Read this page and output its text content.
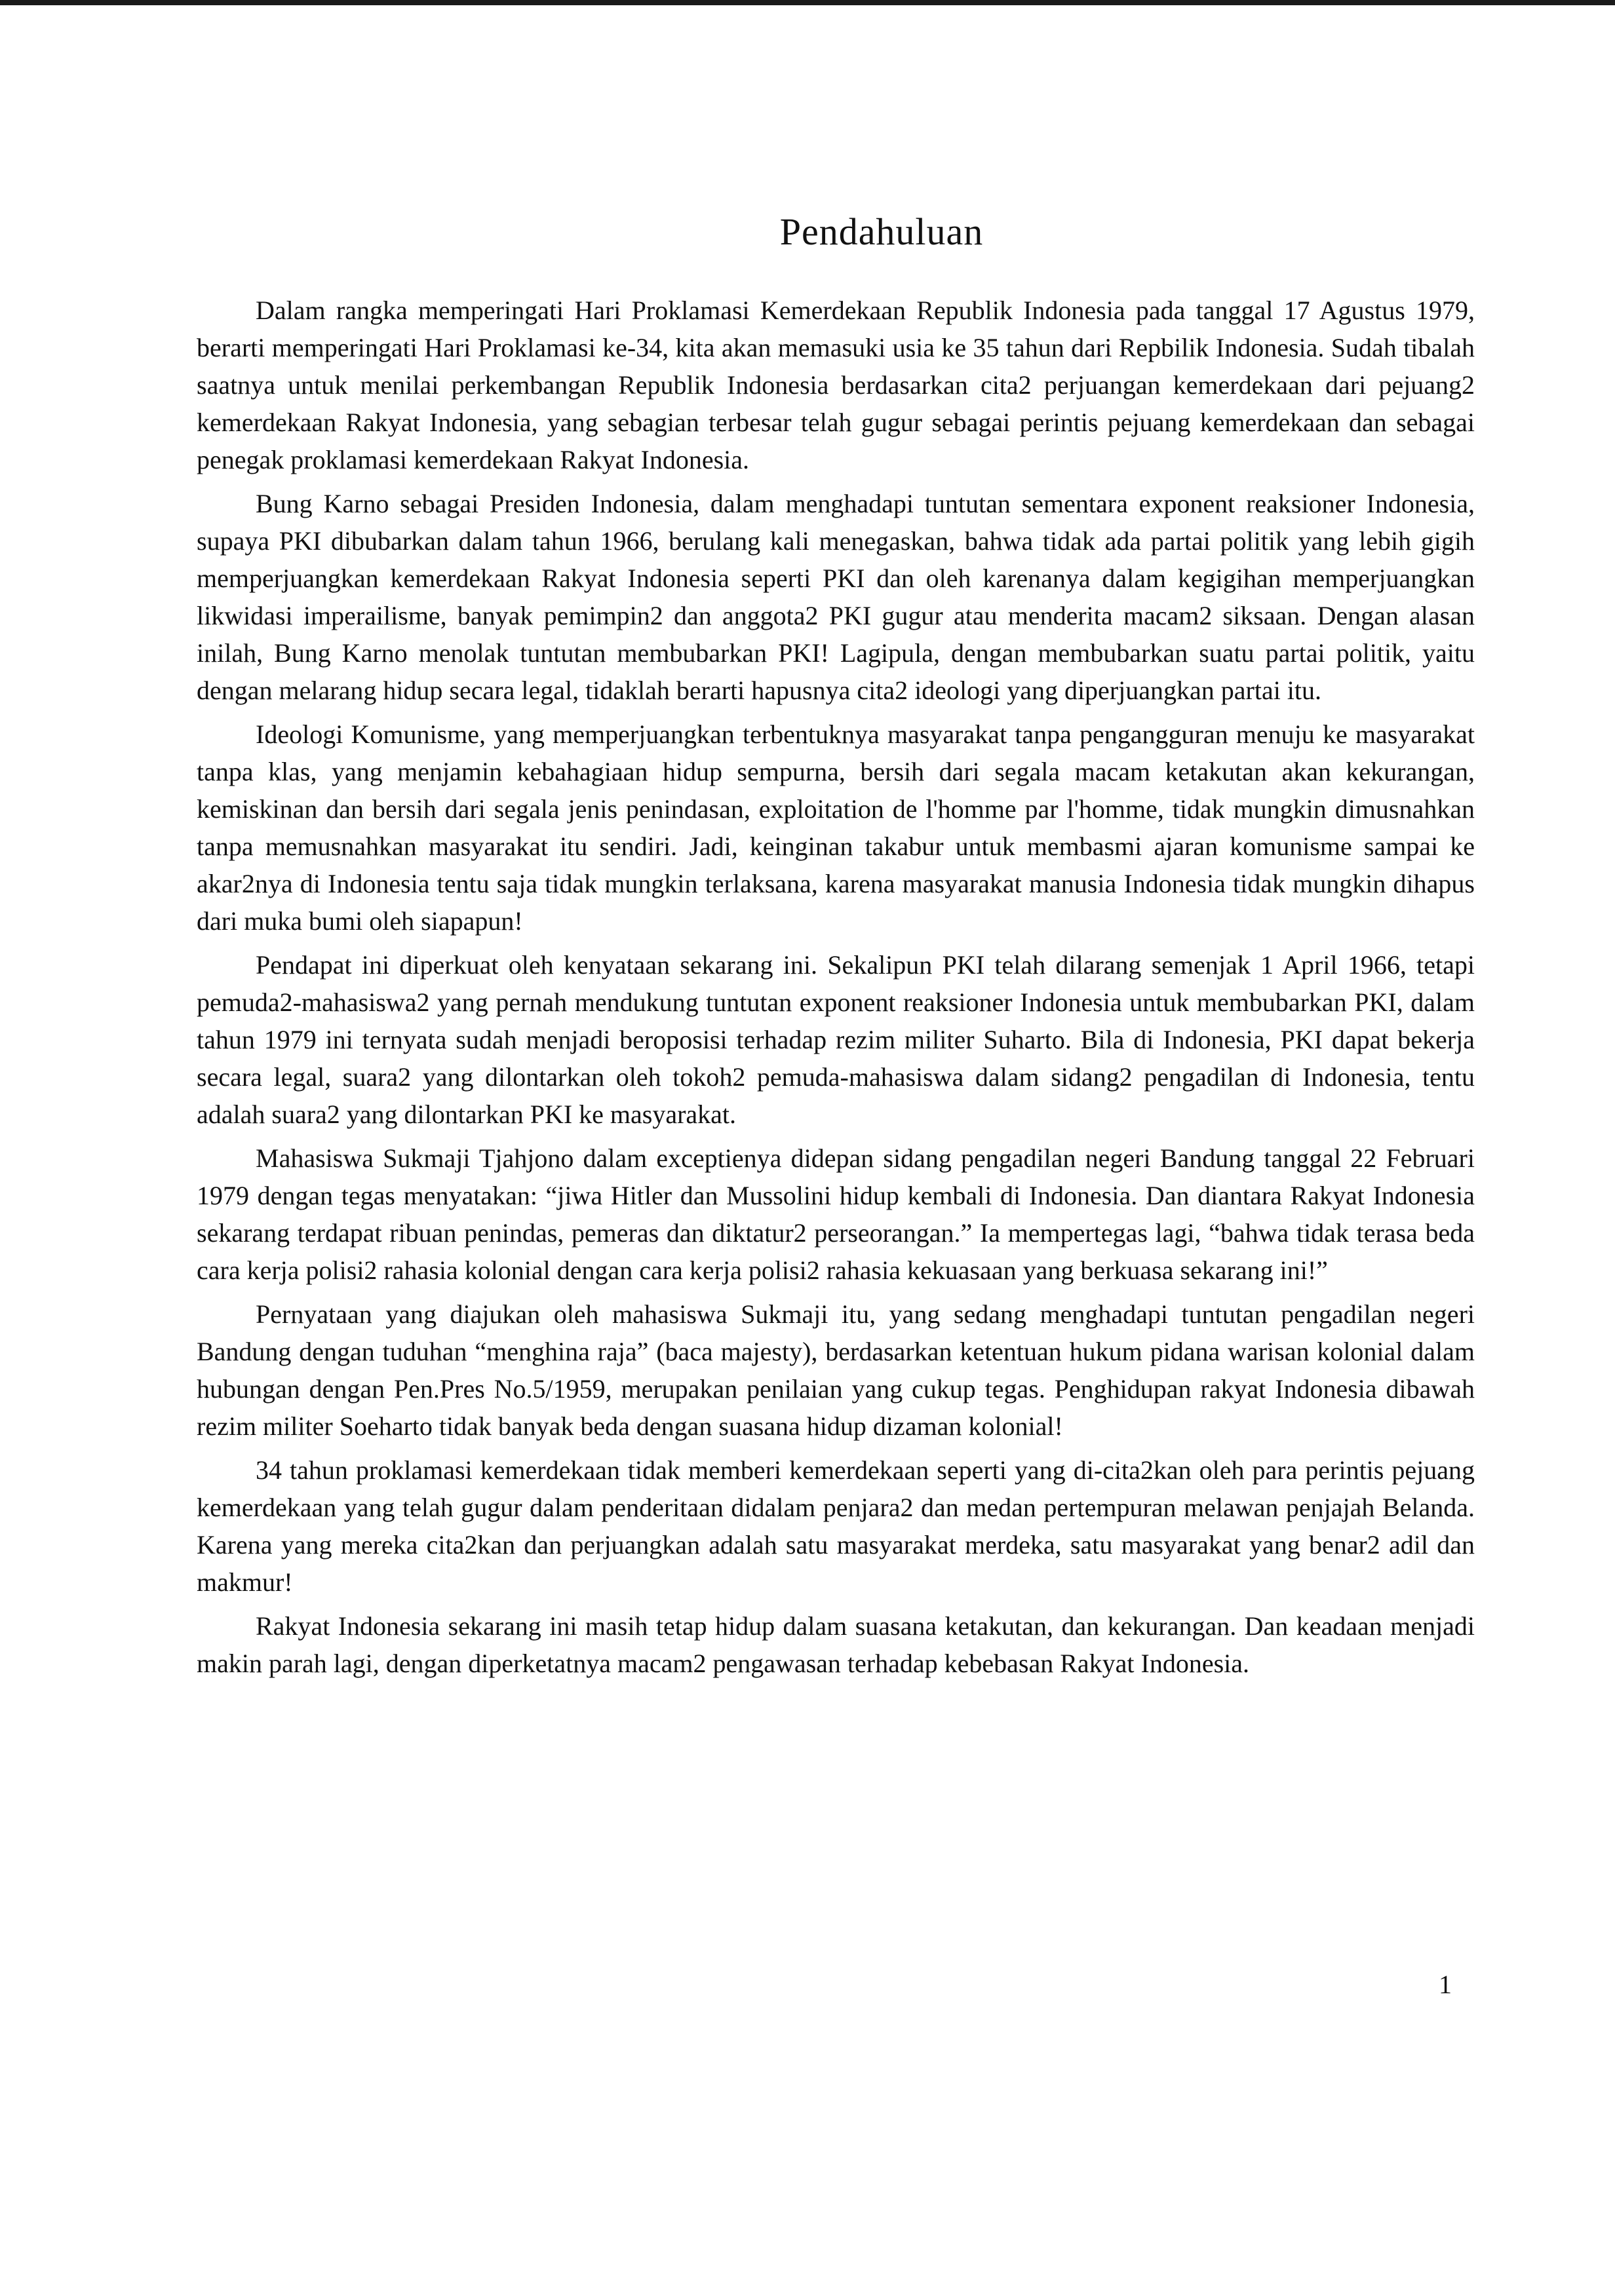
Pendahuluan

Dalam rangka memperingati Hari Proklamasi Kemerdekaan Republik Indonesia pada tanggal 17 Agustus 1979, berarti memperingati Hari Proklamasi ke-34, kita akan memasuki usia ke 35 tahun dari Repbilik Indonesia. Sudah tibalah saatnya untuk menilai perkembangan Republik Indonesia berdasarkan cita2 perjuangan kemerdekaan dari pejuang2 kemerdekaan Rakyat Indonesia, yang sebagian terbesar telah gugur sebagai perintis pejuang kemerdekaan dan sebagai penegak proklamasi kemerdekaan Rakyat Indonesia.

Bung Karno sebagai Presiden Indonesia, dalam menghadapi tuntutan sementara exponent reaksioner Indonesia, supaya PKI dibubarkan dalam tahun 1966, berulang kali menegaskan, bahwa tidak ada partai politik yang lebih gigih memperjuangkan kemerdekaan Rakyat Indonesia seperti PKI dan oleh karenanya dalam kegigihan memperjuangkan likwidasi imperailisme, banyak pemimpin2 dan anggota2 PKI gugur atau menderita macam2 siksaan. Dengan alasan inilah, Bung Karno menolak tuntutan membubarkan PKI! Lagipula, dengan membubarkan suatu partai politik, yaitu dengan melarang hidup secara legal, tidaklah berarti hapusnya cita2 ideologi yang diperjuangkan partai itu.

Ideologi Komunisme, yang memperjuangkan terbentuknya masyarakat tanpa pengangguran menuju ke masyarakat tanpa klas, yang menjamin kebahagiaan hidup sempurna, bersih dari segala macam ketakutan akan kekurangan, kemiskinan dan bersih dari segala jenis penindasan, exploitation de l'homme par l'homme, tidak mungkin dimusnahkan tanpa memusnahkan masyarakat itu sendiri. Jadi, keinginan takabur untuk membasmi ajaran komunisme sampai ke akar2nya di Indonesia tentu saja tidak mungkin terlaksana, karena masyarakat manusia Indonesia tidak mungkin dihapus dari muka bumi oleh siapapun!

Pendapat ini diperkuat oleh kenyataan sekarang ini. Sekalipun PKI telah dilarang semenjak 1 April 1966, tetapi pemuda2-mahasiswa2 yang pernah mendukung tuntutan exponent reaksioner Indonesia untuk membubarkan PKI, dalam tahun 1979 ini ternyata sudah menjadi beroposisi terhadap rezim militer Suharto. Bila di Indonesia, PKI dapat bekerja secara legal, suara2 yang dilontarkan oleh tokoh2 pemuda-mahasiswa dalam sidang2 pengadilan di Indonesia, tentu adalah suara2 yang dilontarkan PKI ke masyarakat.

Mahasiswa Sukmaji Tjahjono dalam exceptienya didepan sidang pengadilan negeri Bandung tanggal 22 Februari 1979 dengan tegas menyatakan: “jiwa Hitler dan Mussolini hidup kembali di Indonesia. Dan diantara Rakyat Indonesia sekarang terdapat ribuan penindas, pemeras dan diktatur2 perseorangan.” Ia mempertegas lagi, “bahwa tidak terasa beda cara kerja polisi2 rahasia kolonial dengan cara kerja polisi2 rahasia kekuasaan yang berkuasa sekarang ini!”

Pernyataan yang diajukan oleh mahasiswa Sukmaji itu, yang sedang menghadapi tuntutan pengadilan negeri Bandung dengan tuduhan “menghina raja” (baca majesty), berdasarkan ketentuan hukum pidana warisan kolonial dalam hubungan dengan Pen.Pres No.5/1959, merupakan penilaian yang cukup tegas. Penghidupan rakyat Indonesia dibawah rezim militer Soeharto tidak banyak beda dengan suasana hidup dizaman kolonial!

34 tahun proklamasi kemerdekaan tidak memberi kemerdekaan seperti yang di-cita2kan oleh para perintis pejuang kemerdekaan yang telah gugur dalam penderitaan didalam penjara2 dan medan pertempuran melawan penjajah Belanda. Karena yang mereka cita2kan dan perjuangkan adalah satu masyarakat merdeka, satu masyarakat yang benar2 adil dan makmur!

Rakyat Indonesia sekarang ini masih tetap hidup dalam suasana ketakutan, dan kekurangan. Dan keadaan menjadi makin parah lagi, dengan diperketatnya macam2 pengawasan terhadap kebebasan Rakyat Indonesia.

1
